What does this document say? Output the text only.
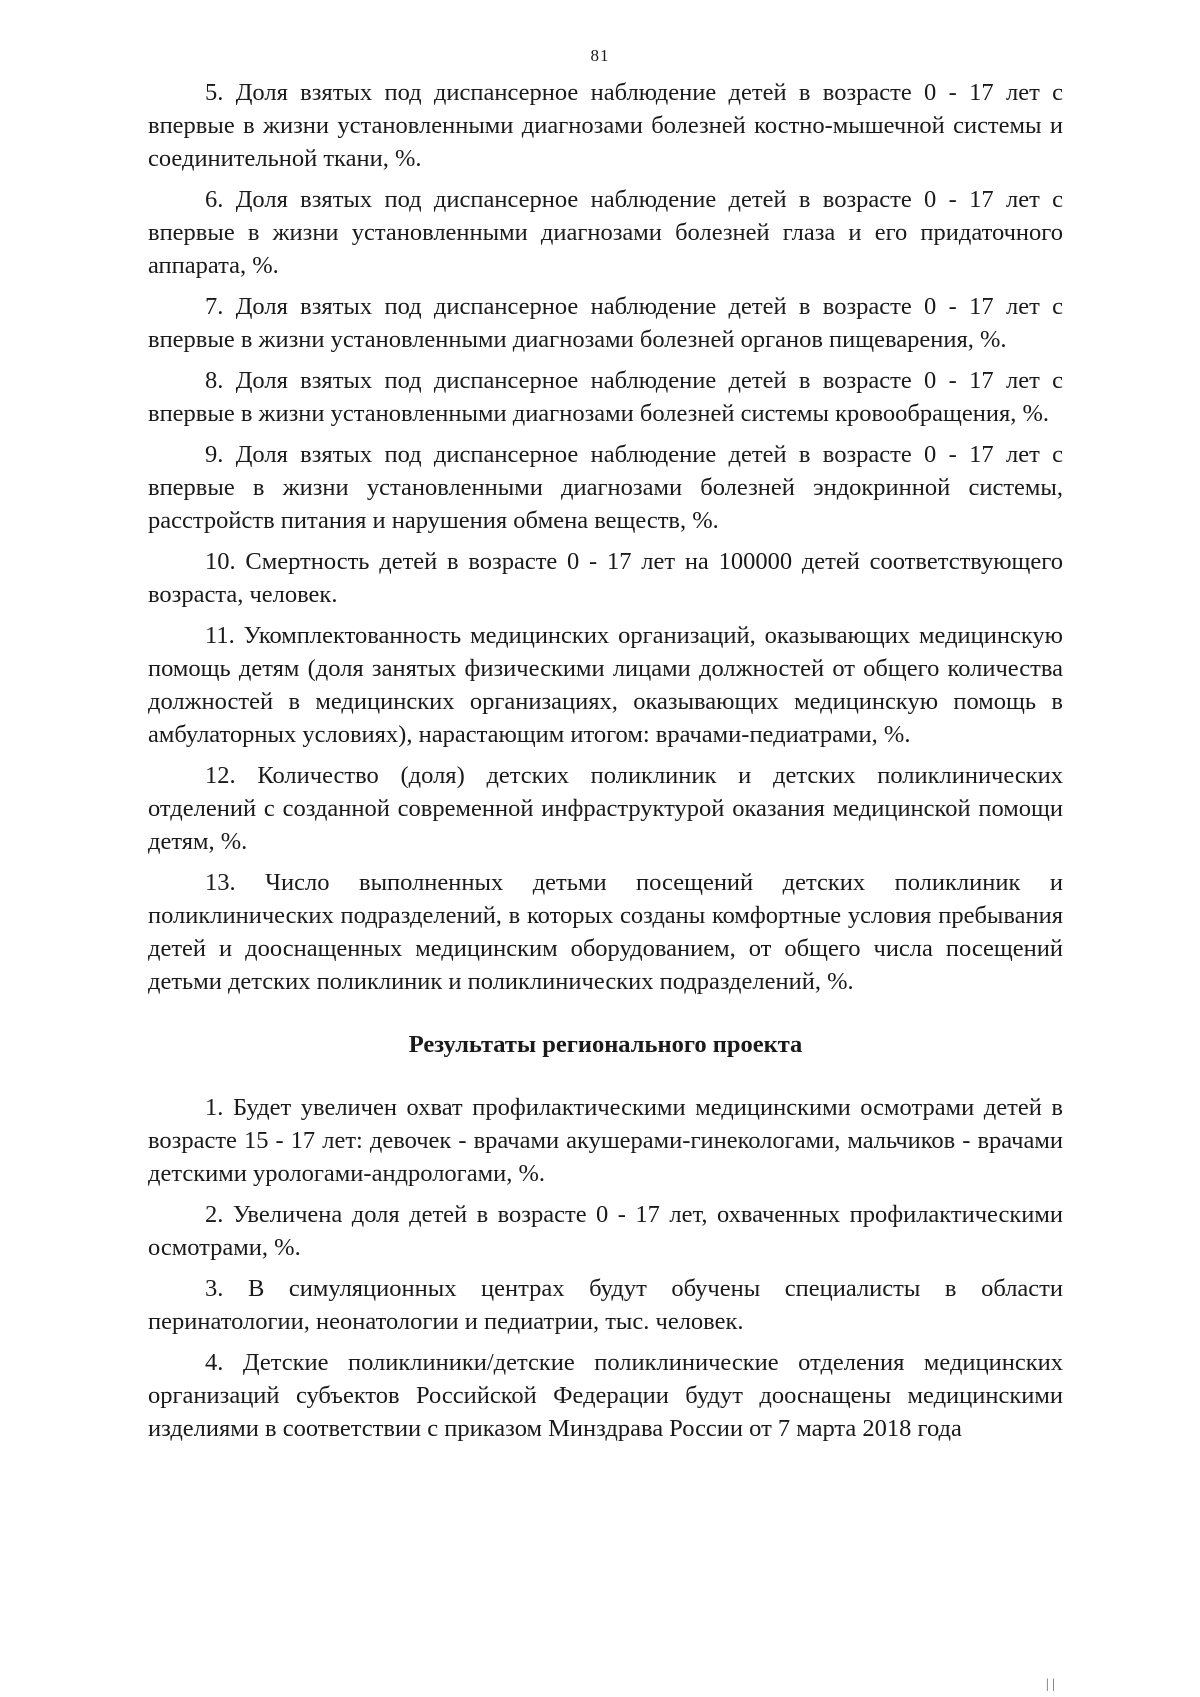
81

5. Доля взятых под диспансерное наблюдение детей в возрасте 0 - 17 лет с впервые в жизни установленными диагнозами болезней костно-мышечной системы и соединительной ткани, %.

6. Доля взятых под диспансерное наблюдение детей в возрасте 0 - 17 лет с впервые в жизни установленными диагнозами болезней глаза и его придаточного аппарата, %.

7. Доля взятых под диспансерное наблюдение детей в возрасте 0 - 17 лет с впервые в жизни установленными диагнозами болезней органов пищеварения, %.

8. Доля взятых под диспансерное наблюдение детей в возрасте 0 - 17 лет с впервые в жизни установленными диагнозами болезней системы кровообращения, %.

9. Доля взятых под диспансерное наблюдение детей в возрасте 0 - 17 лет с впервые в жизни установленными диагнозами болезней эндокринной системы, расстройств питания и нарушения обмена веществ, %.

10. Смертность детей в возрасте 0 - 17 лет на 100000 детей соответствующего возраста, человек.

11. Укомплектованность медицинских организаций, оказывающих медицинскую помощь детям (доля занятых физическими лицами должностей от общего количества должностей в медицинских организациях, оказывающих медицинскую помощь в амбулаторных условиях), нарастающим итогом: врачами-педиатрами, %.

12. Количество (доля) детских поликлиник и детских поликлинических отделений с созданной современной инфраструктурой оказания медицинской помощи детям, %.

13. Число выполненных детьми посещений детских поликлиник и поликлинических подразделений, в которых созданы комфортные условия пребывания детей и дооснащенных медицинским оборудованием, от общего числа посещений детьми детских поликлиник и поликлинических подразделений, %.

Результаты регионального проекта

1. Будет увеличен охват профилактическими медицинскими осмотрами детей в возрасте 15 - 17 лет: девочек - врачами акушерами-гинекологами, мальчиков - врачами детскими урологами-андрологами, %.

2. Увеличена доля детей в возрасте 0 - 17 лет, охваченных профилактическими осмотрами, %.

3. В симуляционных центрах будут обучены специалисты в области перинатологии, неонатологии и педиатрии, тыс. человек.

4. Детские поликлиники/детские поликлинические отделения медицинских организаций субъектов Российской Федерации будут дооснащены медицинскими изделиями в соответствии с приказом Минздрава России от 7 марта 2018 года

| |
